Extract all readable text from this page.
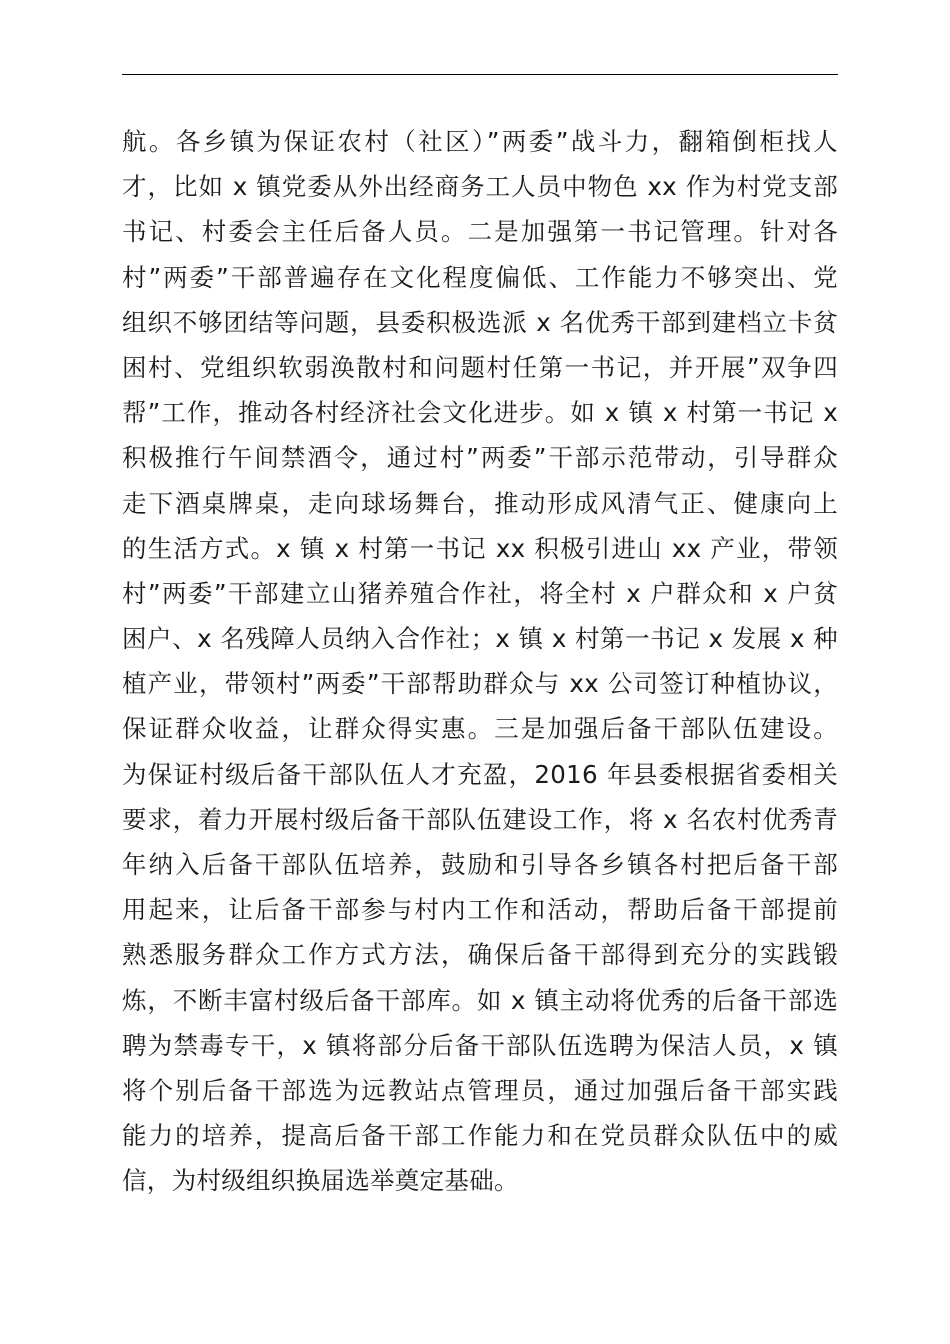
航。各乡镇为保证农村（社区）”两委”战斗力，翻箱倒柜找人
才，比如 x 镇党委从外出经商务工人员中物色 xx 作为村党支部
书记、村委会主任后备人员。二是加强第一书记管理。针对各
村”两委”干部普遍存在文化程度偏低、工作能力不够突出、党
组织不够团结等问题，县委积极选派 x 名优秀干部到建档立卡贫
困村、党组织软弱涣散村和问题村任第一书记，并开展”双争四
帮”工作，推动各村经济社会文化进步。如 x 镇 x 村第一书记 x
积极推行午间禁酒令，通过村”两委”干部示范带动，引导群众
走下酒桌牌桌，走向球场舞台，推动形成风清气正、健康向上
的生活方式。x 镇 x 村第一书记 xx 积极引进山 xx 产业，带领
村”两委”干部建立山猪养殖合作社，将全村 x 户群众和 x 户贫
困户、x 名残障人员纳入合作社；x 镇 x 村第一书记 x 发展 x 种
植产业，带领村”两委”干部帮助群众与 xx 公司签订种植协议，
保证群众收益，让群众得实惠。三是加强后备干部队伍建设。
为保证村级后备干部队伍人才充盈，2016 年县委根据省委相关
要求，着力开展村级后备干部队伍建设工作，将 x 名农村优秀青
年纳入后备干部队伍培养，鼓励和引导各乡镇各村把后备干部
用起来，让后备干部参与村内工作和活动，帮助后备干部提前
熟悉服务群众工作方式方法，确保后备干部得到充分的实践锻
炼，不断丰富村级后备干部库。如 x 镇主动将优秀的后备干部选
聘为禁毒专干，x 镇将部分后备干部队伍选聘为保洁人员，x 镇
将个别后备干部选为远教站点管理员，通过加强后备干部实践
能力的培养，提高后备干部工作能力和在党员群众队伍中的威
信，为村级组织换届选举奠定基础。
